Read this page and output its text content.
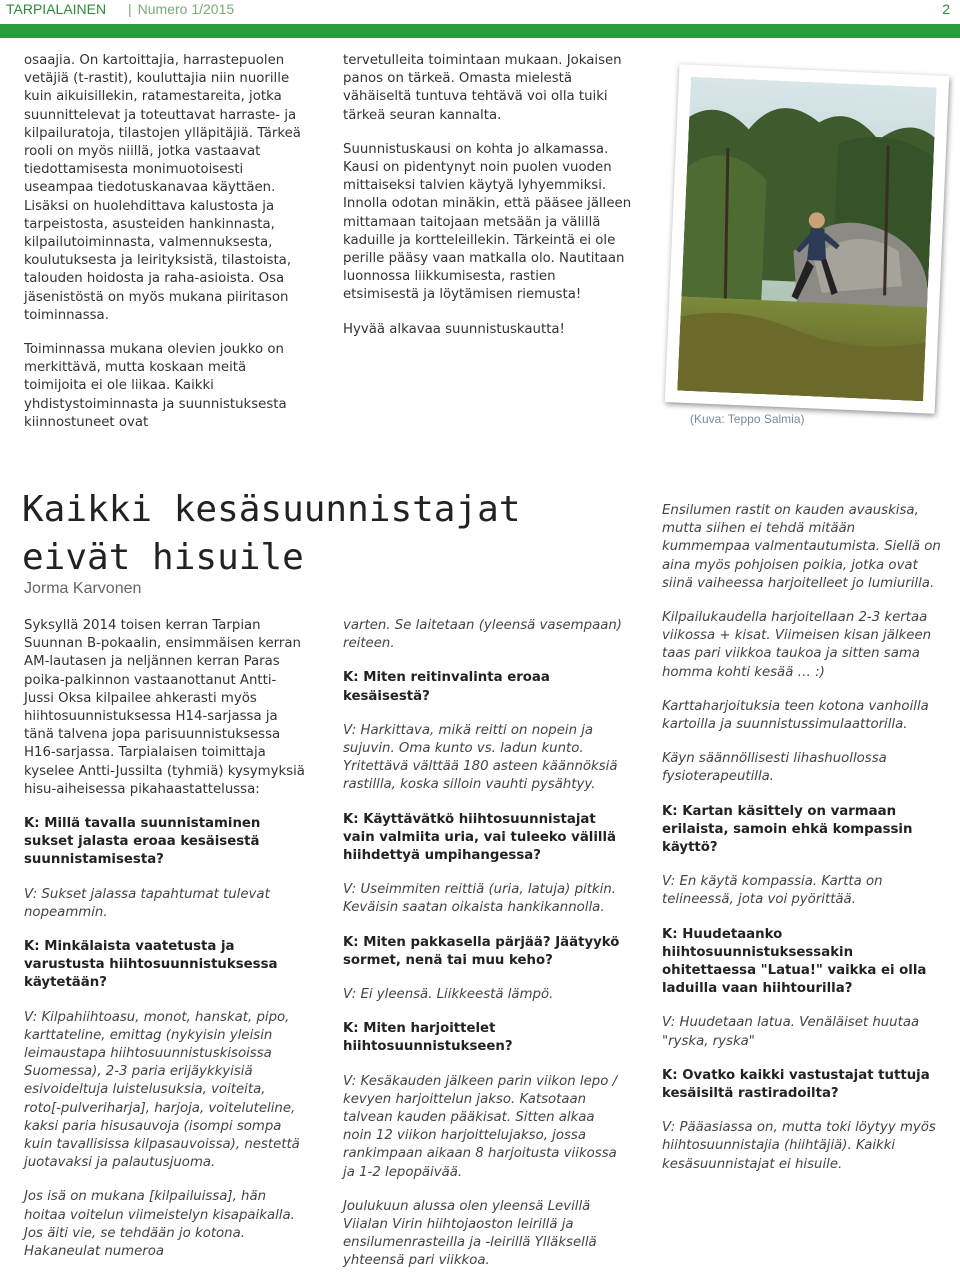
TARPIALAINEN
|	Numero 1/2015	2

osaajia. On kartoittajia, harrastepuolen vetäjiä (t-rastit), kouluttajia niin nuorille kuin aikuisillekin, ratamestareita, jotka suunnittelevat ja toteuttavat harraste- ja kilpailuratoja, tilastojen ylläpitäjiä. Tärkeä rooli on myös niillä, jotka vastaavat tiedottamisesta monimuotoisesti useampaa tiedotuskanavaa käyttäen. Lisäksi on huolehdittava kalustosta ja tarpeistosta, asusteiden hankinnasta, kilpailutoiminnasta, valmennuksesta, koulutuksesta ja leirityksistä, tilastoista, talouden hoidosta ja raha-asioista. Osa jäsenistöstä on myös mukana piiritason toiminnassa.

Toiminnassa mukana olevien joukko on merkittävä, mutta koskaan meitä toimijoita ei ole liikaa. Kaikki yhdistystoiminnasta ja suunnistuksesta kiinnostuneet ovat

tervetulleita toimintaan mukaan. Jokaisen panos on tärkeä. Omasta mielestä vähäiseltä tuntuva tehtävä voi olla tuiki tärkeä seuran kannalta.

Suunnistuskausi on kohta jo alkamassa. Kausi on pidentynyt noin puolen vuoden mittaiseksi talvien käytyä lyhyemmiksi. Innolla odotan minäkin, että pääsee jälleen mittamaan taitojaan metsään ja välillä kaduille ja kortteleillekin. Tärkeintä ei ole perille pääsy vaan matkalla olo. Nautitaan luonnossa liikkumisesta, rastien etsimisestä ja löytämisen riemusta!

Hyvää alkavaa suunnistuskautta!

(Kuva: Teppo Salmia)
Kaikki kesäsuunnistajat eivät hisuile
Jorma Karvonen

Syksyllä 2014 toisen kerran Tarpian Suunnan B-pokaalin, ensimmäisen kerran AM-lautasen ja neljännen kerran Paras poika-palkinnon vastaanottanut Antti-Jussi Oksa kilpailee ahkerasti myös hiihtosuunnistuksessa H14-sarjassa ja tänä talvena jopa parisuunnistuksessa H16-sarjassa. Tarpialaisen toimittaja kyselee Antti-Jussilta (tyhmiä) kysymyksiä hisu-aiheisessa pikahaastattelussa:

K: Millä tavalla suunnistaminen sukset jalasta eroaa kesäisestä suunnistamisesta?

V: Sukset jalassa tapahtumat tulevat nopeammin.

K: Minkälaista vaatetusta ja varustusta hiihtosuunnistuksessa käytetään?

V: Kilpahiihtoasu, monot, hanskat, pipo, karttateline, emittag (nykyisin yleisin leimaustapa hiihtosuunnistuskisoissa Suomessa), 2-3 paria erijäykkyisiä esivoideltuja luistelusuksia, voiteita, roto[-pulveriharja], harjoja, voiteluteline, kaksi paria hisusauvoja (isompi sompa kuin tavallisissa kilpasauvoissa), nestettä juotavaksi ja palautusjuoma.

Jos isä on mukana [kilpailuissa], hän hoitaa voitelun viimeistelyn kisapaikalla. Jos äiti vie, se tehdään jo kotona. Hakaneulat numeroa

varten. Se laitetaan (yleensä vasempaan) reiteen.

K: Miten reitinvalinta eroaa kesäisestä?

V: Harkittava, mikä reitti on nopein ja sujuvin. Oma kunto vs. ladun kunto. Yritettävä välttää 180 asteen käännöksiä rastillla, koska silloin vauhti pysähtyy.

K: Käyttävätkö hiihtosuunnistajat vain valmiita uria, vai tuleeko välillä hiihdettyä umpihangessa?

V: Useimmiten reittiä (uria, latuja) pitkin. Keväisin saatan oikaista hankikannolla.

K: Miten pakkasella pärjää? Jäätyykö sormet, nenä tai muu keho?

V: Ei yleensä. Liikkeestä lämpö.

K: Miten harjoittelet hiihtosuunnistukseen?

V: Kesäkauden jälkeen parin viikon lepo / kevyen harjoittelun jakso. Katsotaan talvean kauden pääkisat. Sitten alkaa noin 12 viikon harjoittelujakso, jossa rankimpaan aikaan 8 harjoitusta viikossa ja 1-2 lepopäivää.

Joulukuun alussa olen yleensä Levillä Viialan Virin hiihtojaoston leirillä ja ensilumenrasteilla ja -leirillä Ylläksellä yhteensä pari viikkoa.

Ensilumen rastit on kauden avauskisa, mutta siihen ei tehdä mitään kummempaa valmentautumista. Siellä on aina myös pohjoisen poikia, jotka ovat siinä vaiheessa harjoitelleet jo lumiurilla.

Kilpailukaudella harjoitellaan 2-3 kertaa viikossa + kisat. Viimeisen kisan jälkeen taas pari viikkoa taukoa ja sitten sama homma kohti kesää … :)

Karttaharjoituksia teen kotona vanhoilla kartoilla ja suunnistussimulaattorilla.

Käyn säännöllisesti lihashuollossa fysioterapeutilla.

K: Kartan käsittely on varmaan erilaista, samoin ehkä kompassin käyttö?

V: En käytä kompassia. Kartta on telineessä, jota voi pyörittää.

K: Huudetaanko hiihtosuunnistuksessakin ohitettaessa "Latua!" vaikka ei olla laduilla vaan hiihtourilla?

V: Huudetaan latua. Venäläiset huutaa "ryska, ryska"

K: Ovatko kaikki vastustajat tuttuja kesäisiltä rastiradoilta?

V: Pääasiassa on, mutta toki löytyy myös hiihtosuunnistajia (hiihtäjiä). Kaikki kesäsuunnistajat ei hisuile.
